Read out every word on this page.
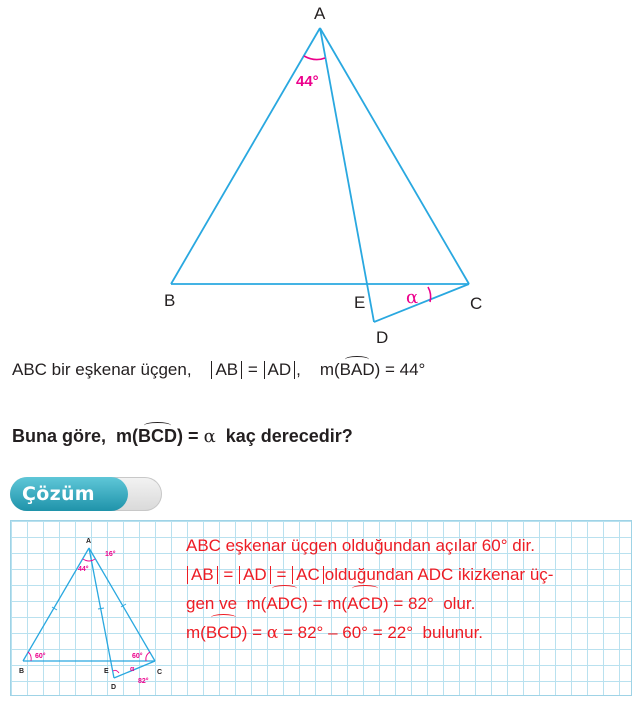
A
B	C
D
E
44°
α
ABC bir eşkenar üçgen, AB = AD , m(BAD) = 44°
Buna göre, m(BCD) = α kaç derecedir?
Çözüm
A
B	C
D
E
16°
44°
60°	60°
82°
α
ABC eşkenar üçgen olduğundan açılar 60° dir.
AB = AD = AC olduğundan ADC ikizkenar üç-
gen ve m(ADC) = m(ACD) = 82° olur.
m(BCD) = α = 82° – 60° = 22° bulunur.
